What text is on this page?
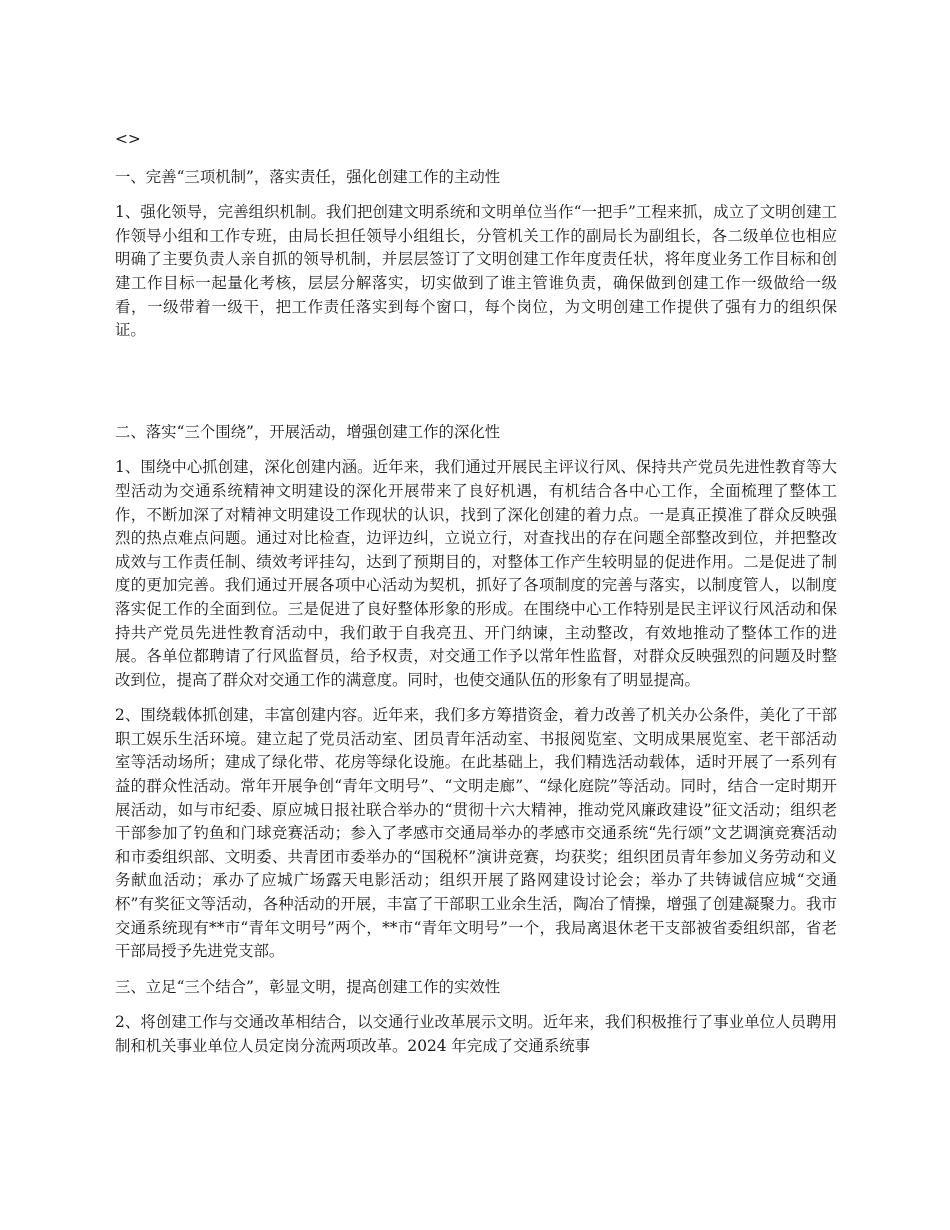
<>

一、完善“三项机制”，落实责任，强化创建工作的主动性

1、强化领导，完善组织机制。我们把创建文明系统和文明单位当作“一把手”工程来抓，成立了文明创建工作领导小组和工作专班，由局长担任领导小组组长，分管机关工作的副局长为副组长，各二级单位也相应明确了主要负责人亲自抓的领导机制，并层层签订了文明创建工作年度责任状，将年度业务工作目标和创建工作目标一起量化考核，层层分解落实，切实做到了谁主管谁负责，确保做到创建工作一级做给一级看，一级带着一级干，把工作责任落实到每个窗口，每个岗位，为文明创建工作提供了强有力的组织保证。

二、落实“三个围绕”，开展活动，增强创建工作的深化性

1、围绕中心抓创建，深化创建内涵。近年来，我们通过开展民主评议行风、保持共产党员先进性教育等大型活动为交通系统精神文明建设的深化开展带来了良好机遇，有机结合各中心工作，全面梳理了整体工作，不断加深了对精神文明建设工作现状的认识，找到了深化创建的着力点。一是真正摸准了群众反映强烈的热点难点问题。通过对比检查，边评边纠，立说立行，对查找出的存在问题全部整改到位，并把整改成效与工作责任制、绩效考评挂勾，达到了预期目的，对整体工作产生较明显的促进作用。二是促进了制度的更加完善。我们通过开展各项中心活动为契机，抓好了各项制度的完善与落实，以制度管人，以制度落实促工作的全面到位。三是促进了良好整体形象的形成。在围绕中心工作特别是民主评议行风活动和保持共产党员先进性教育活动中，我们敢于自我亮丑、开门纳谏，主动整改，有效地推动了整体工作的进展。各单位都聘请了行风监督员，给予权责，对交通工作予以常年性监督，对群众反映强烈的问题及时整改到位，提高了群众对交通工作的满意度。同时，也使交通队伍的形象有了明显提高。

2、围绕载体抓创建，丰富创建内容。近年来，我们多方筹措资金，着力改善了机关办公条件，美化了干部职工娱乐生活环境。建立起了党员活动室、团员青年活动室、书报阅览室、文明成果展览室、老干部活动室等活动场所；建成了绿化带、花房等绿化设施。在此基础上，我们精选活动载体，适时开展了一系列有益的群众性活动。常年开展争创“青年文明号”、“文明走廊”、“绿化庭院”等活动。同时，结合一定时期开展活动，如与市纪委、原应城日报社联合举办的“贯彻十六大精神，推动党风廉政建设”征文活动；组织老干部参加了钓鱼和门球竞赛活动；参入了孝感市交通局举办的孝感市交通系统“先行颂”文艺调演竞赛活动和市委组织部、文明委、共青团市委举办的“国税杯”演讲竞赛，均获奖；组织团员青年参加义务劳动和义务献血活动；承办了应城广场露天电影活动；组织开展了路网建设讨论会；举办了共铸诚信应城“交通杯”有奖征文等活动，各种活动的开展，丰富了干部职工业余生活，陶冶了情操，增强了创建凝聚力。我市交通系统现有**市“青年文明号”两个，**市“青年文明号”一个，我局离退休老干支部被省委组织部，省老干部局授予先进党支部。

三、立足“三个结合”，彰显文明，提高创建工作的实效性

2、将创建工作与交通改革相结合，以交通行业改革展示文明。近年来，我们积极推行了事业单位人员聘用制和机关事业单位人员定岗分流两项改革。2024 年完成了交通系统事
